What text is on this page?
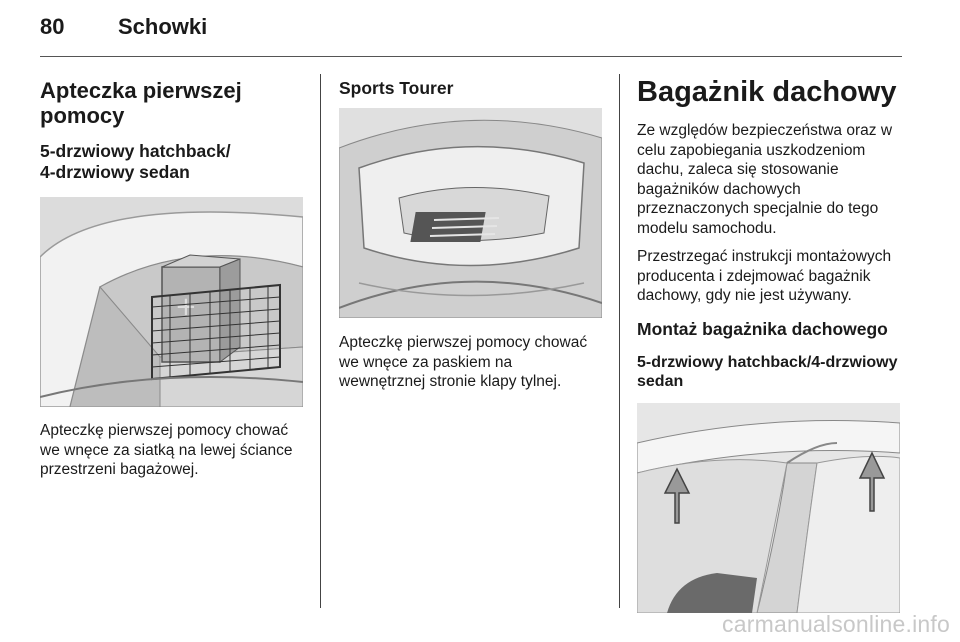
80 Schowki
Apteczka pierwszej
pomocy
5-drzwiowy hatchback/
4-drzwiowy sedan
+

Apteczkę pierwszej pomocy chować
we wnęce za siatką na lewej ściance
przestrzeni bagażowej.

Sports Tourer

Apteczkę pierwszej pomocy chować
we wnęce za paskiem na
wewnętrznej stronie klapy tylnej.

Bagażnik dachowy

Ze względów bezpieczeństwa oraz w
celu zapobiegania uszkodzeniom
dachu, zaleca się stosowanie
bagażników dachowych
przeznaczonych specjalnie do tego
modelu samochodu.

Przestrzegać instrukcji montażowych
producenta i zdejmować bagażnik
dachowy, gdy nie jest używany.

Montaż bagażnika dachowego
5-drzwiowy hatchback/4-drzwiowy
sedan
carmanualsonline.info
